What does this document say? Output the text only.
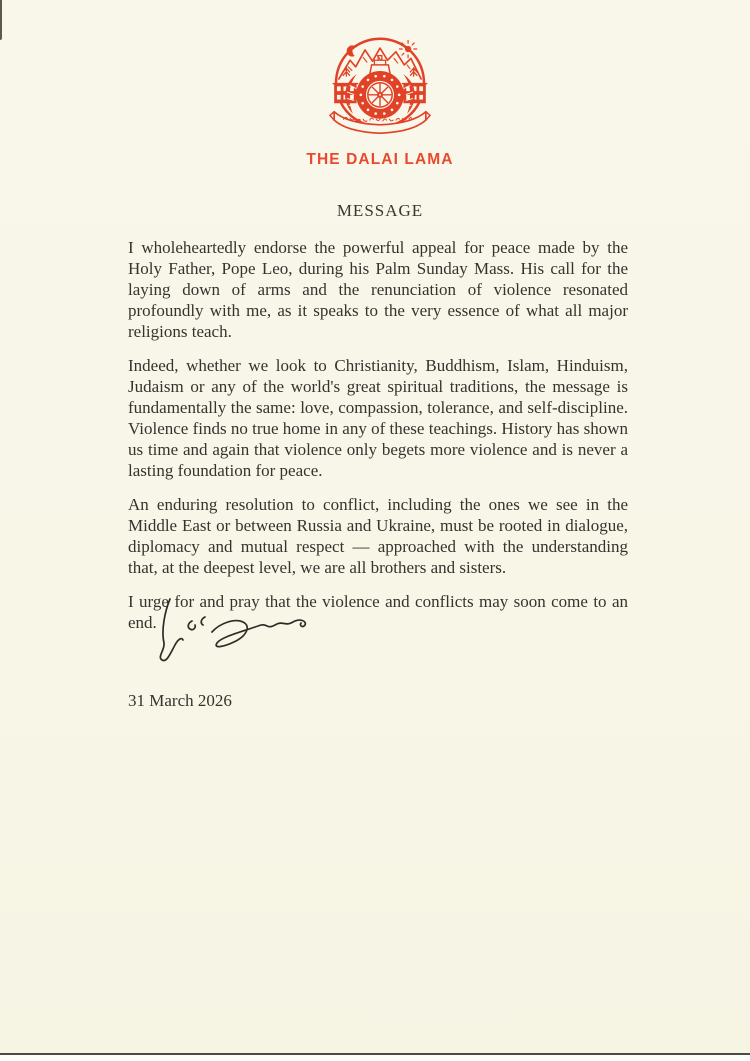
THE DALAI LAMA
MESSAGE

I wholeheartedly endorse the powerful appeal for peace made by the Holy Father, Pope Leo, during his Palm Sunday Mass. His call for the laying down of arms and the renunciation of violence resonated profoundly with me, as it speaks to the very essence of what all major religions teach.

Indeed, whether we look to Christianity, Buddhism, Islam, Hinduism, Judaism or any of the world's great spiritual traditions, the message is fundamentally the same: love, compassion, tolerance, and self-discipline. Violence finds no true home in any of these teachings. History has shown us time and again that violence only begets more violence and is never a lasting foundation for peace.

An enduring resolution to conflict, including the ones we see in the Middle East or between Russia and Ukraine, must be rooted in dialogue, diplomacy and mutual respect — approached with the understanding that, at the deepest level, we are all brothers and sisters.

I urge for and pray that the violence and conflicts may soon come to an end.

31 March 2026
